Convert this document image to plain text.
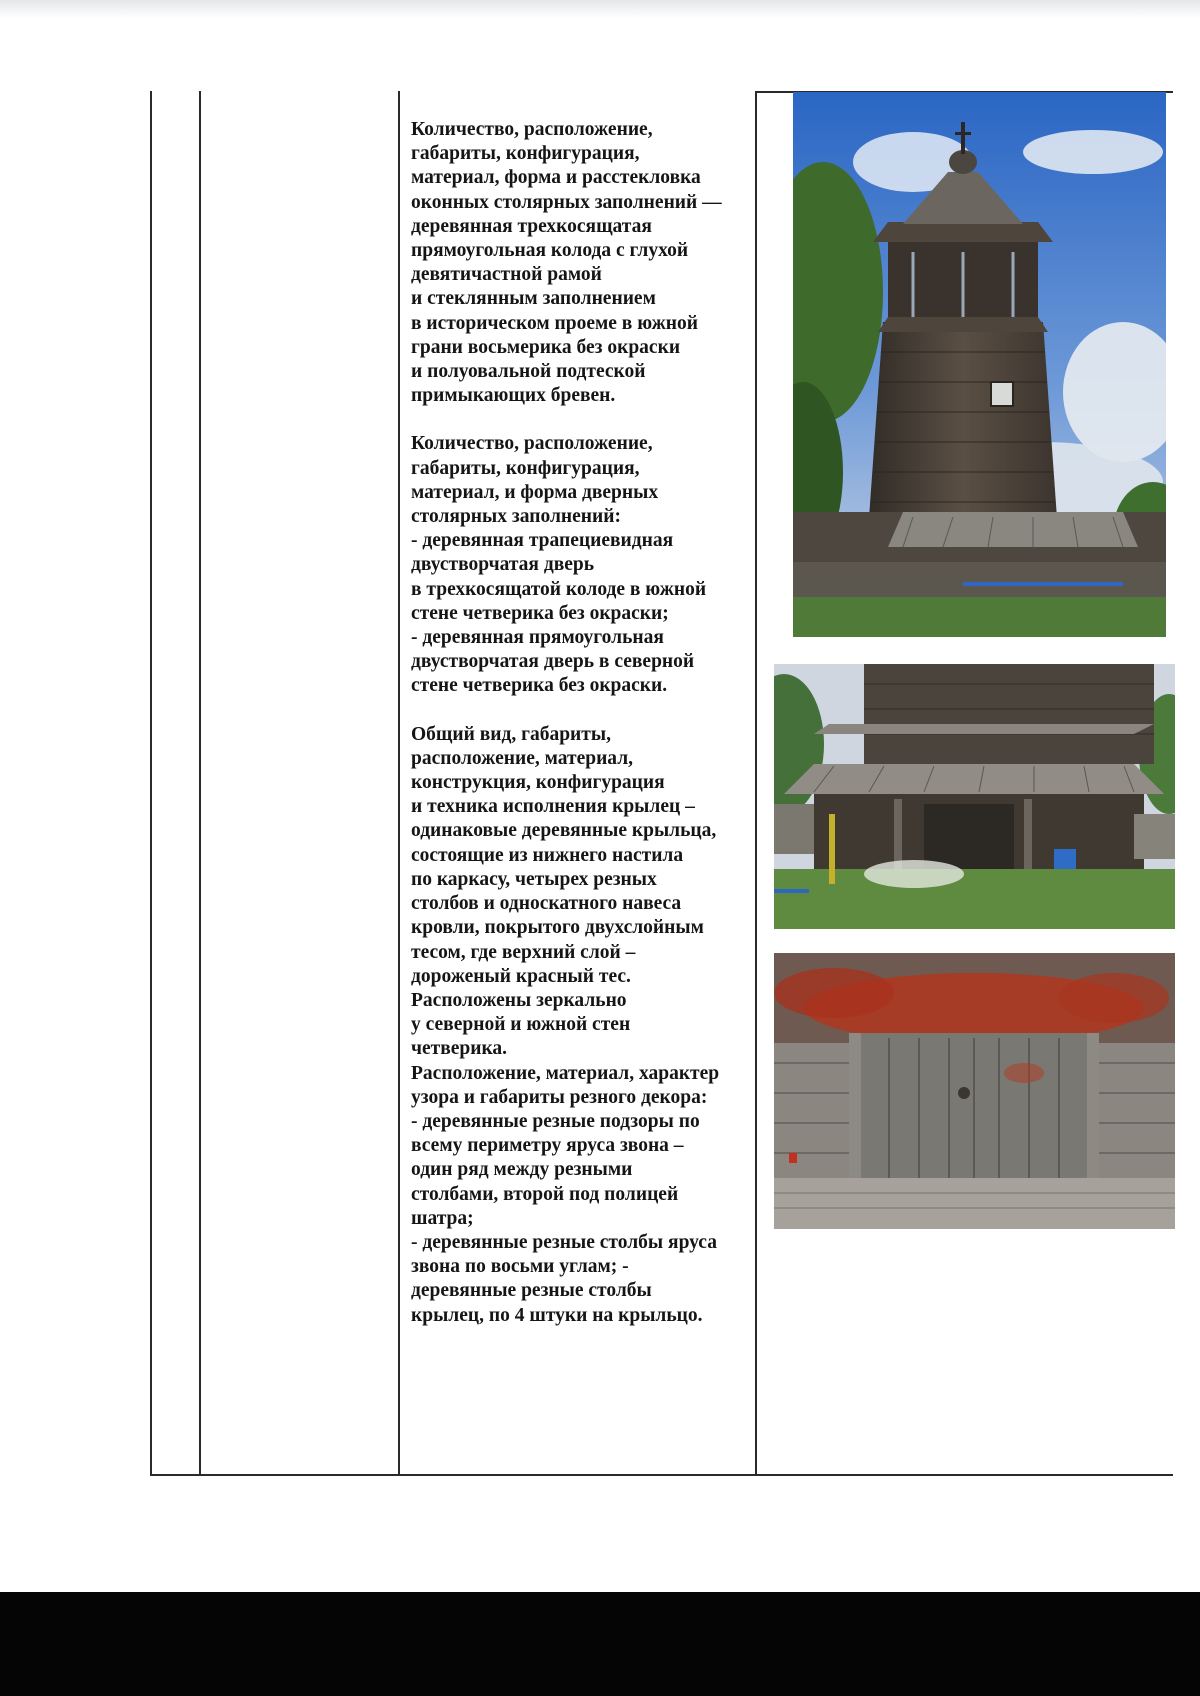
Количество, расположение,
габариты, конфигурация,
материал, форма и расстекловка
оконных столярных заполнений —
деревянная трехкосящатая
прямоугольная колода с глухой
девятичастной рамой
и стеклянным заполнением
в историческом проеме в южной
грани восьмерика без окраски
и полуовальной подтеской
примыкающих бревен.
Количество, расположение,
габариты, конфигурация,
материал, и форма дверных
столярных заполнений:
- деревянная трапециевидная
двустворчатая дверь
в трехкосящатой колоде в южной
стене четверика без окраски;
- деревянная прямоугольная
двустворчатая дверь в северной
стене четверика без окраски.
Общий вид, габариты,
расположение, материал,
конструкция, конфигурация
и техника исполнения крылец –
одинаковые деревянные крыльца,
состоящие из нижнего настила
по каркасу, четырех резных
столбов и односкатного навеса
кровли, покрытого двухслойным
тесом, где верхний слой –
дороженый красный тес.
Расположены зеркально
у северной и южной стен
четверика.
Расположение, материал, характер
узора и габариты резного декора:
- деревянные резные подзоры по
всему периметру яруса звона –
один ряд между резными
столбами, второй под полицей
шатра;
- деревянные резные столбы яруса
звона по восьми углам; -
деревянные резные столбы
крылец, по 4 штуки на крыльцо.
